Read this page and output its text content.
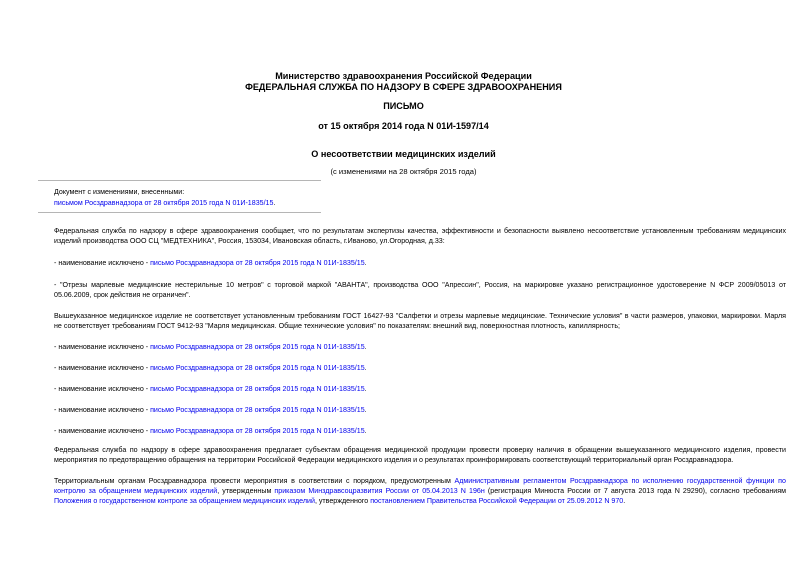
Министерство здравоохранения Российской Федерации
ФЕДЕРАЛЬНАЯ СЛУЖБА ПО НАДЗОРУ В СФЕРЕ ЗДРАВООХРАНЕНИЯ
ПИСЬМО
от 15 октября 2014 года N 01И-1597/14
О несоответствии медицинских изделий
(с изменениями на 28 октября 2015 года)
Документ с изменениями, внесенными:
письмом Росздравнадзора от 28 октября 2015 года N 01И-1835/15.
Федеральная служба по надзору в сфере здравоохранения сообщает, что по результатам экспертизы качества, эффективности и безопасности выявлено несоответствие установленным требованиям медицинских изделий производства ООО СЦ "МЕДТЕХНИКА", Россия, 153034, Ивановская область, г.Иваново, ул.Огородная, д.33:
- наименование исключено - письмо Росздравнадзора от 28 октября 2015 года N 01И-1835/15.
- "Отрезы марлевые медицинские нестерильные 10 метров" с торговой маркой "АВАНТА", производства ООО "Апрессин", Россия, на маркировке указано регистрационное удостоверение N ФСР 2009/05013 от 05.06.2009, срок действия не ограничен".
Вышеуказанное медицинское изделие не соответствует установленным требованиям ГОСТ 16427-93 "Салфетки и отрезы марлевые медицинские. Технические условия" в части размеров, упаковки, маркировки. Марля не соответствует требованиям ГОСТ 9412-93 "Марля медицинская. Общие технические условия" по показателям: внешний вид, поверхностная плотность, капиллярность;
- наименование исключено - письмо Росздравнадзора от 28 октября 2015 года N 01И-1835/15.
- наименование исключено - письмо Росздравнадзора от 28 октября 2015 года N 01И-1835/15.
- наименование исключено - письмо Росздравнадзора от 28 октября 2015 года N 01И-1835/15.
- наименование исключено - письмо Росздравнадзора от 28 октября 2015 года N 01И-1835/15.
- наименование исключено - письмо Росздравнадзора от 28 октября 2015 года N 01И-1835/15.
Федеральная служба по надзору в сфере здравоохранения предлагает субъектам обращения медицинской продукции провести проверку наличия в обращении вышеуказанного медицинского изделия, провести мероприятия по предотвращению обращения на территории Российской Федерации медицинского изделия и о результатах проинформировать соответствующий территориальный орган Росздравнадзора.
Территориальным органам Росздравнадзора провести мероприятия в соответствии с порядком, предусмотренным Административным регламентом Росздравнадзора по исполнению государственной функции по контролю за обращением медицинских изделий, утвержденным приказом Минздравсоцразвития России от 05.04.2013 N 196н (регистрация Минюста России от 7 августа 2013 года N 29290), согласно требованиям Положения о государственном контроле за обращением медицинских изделий, утвержденного постановлением Правительства Российской Федерации от 25.09.2012 N 970.
